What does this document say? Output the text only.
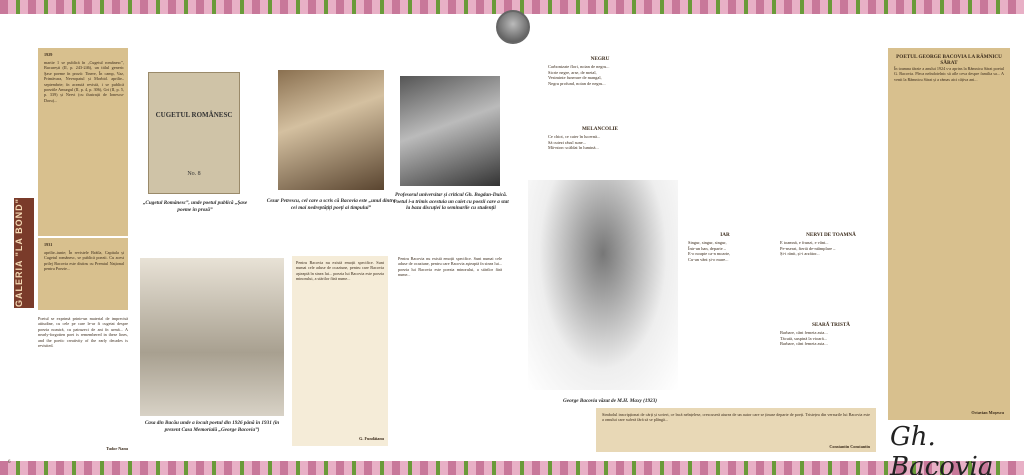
GALERIA "LA BOND"
1929
martie 1 se publică în „Cugetul românesc”, București (II, p. 243-246), un titlul generic Şase poeme în proză: Tinere, În camp, Vaz, Primăvara, Nevropatul și Morbid. aprilie–septembrie; în această revistă, i se publică poeziile Amurgul (II, p. 4, p. 306), Gri (II, p. 5, p. 339) și Nervi (cu ilustrații de Ionescu-Doru)...
1931
aprilie–iunie; În revistele Brăila, Capitala și Cugetul românesc, se publică poezii. Cu acest prilej Bacovia este distins cu Premiul Național pentru Poezie...
CUGETUL ROMÂNESC
No. 8
„Cugetul Românesc”, unde poetul publică „Şase poeme în proză”
Cezar Petrescu, cel care a scris că Bacovia este „unul dintre cei mai nedreptățiți poeți ai timpului”
Profesorul universitar și criticul Gh. Bogdan-Duică. Poetul i-a trimis acestuia un caiet cu poezii care a stat la baza discuției la seminarile cu studenții
Poetul se exprimă printr-un material de imprecisă atitudine, cu cele pe care le-ar fi cugetat despre poezia noastră, cu patruzeci de ani în urmă... A nearly-forgotten poet is remembered in these lines, and the poetic creativity of the early decades is revisited.
Tudor Nanu
Casa din Bacău unde a locuit poetul din 1926 până în 1931 (în prezent Casa Memorială „George Bacovia”)
Pentru Bacovia nu există emoții specifice. Sunt numai cele aduse de ocaziune, pentru care Bacovia aşteaptă în sinea lui... poezia lui Bacovia este poezia minorului, a stărilor fără nume...
G. Fundăianu
Pentru Bacovia nu există emoții specifice. Sunt numai cele aduse de ocaziune, pentru care Bacovia aşteaptă în sinea lui... poezia lui Bacovia este poezia minorului, a stărilor fără nume...
NEGRU
Carbonizate flori, noian de negru...
Sicrie negre, arse, de metal,
Vestminte funerare de mangal,
Negru profund, noian de negru...
MELANCOLIE
Ce chiot, ce caier în lucernă...
Să cutezi râsul sune...
Mă-ntorc scăldat în lumină...
George Bacovia văzut de M.H. Maxy (1923)
IAR
Singur, singur, singur,
Într-un han, departe –
E-o noapte ca-n moarte,
Cu-un vânt și-o mare...
NERVI DE TOAMNĂ
E toamnă, e frunzi, e vânt...
Pe-nserat, fiertă de-ntâmplare –
Și-i rănit, și-i arzător...
SEARĂ TRISTĂ
Barbare, cânt femeia asta...
Tăcută, suspină la vioară...
Barbare, cânt femeia asta...
Simbolul inscripționat de cărți și scrieri, ce încă neînțelese, crescuseră aiurea de un autor care se ținuse departe de poeți. Tristețea din versurile lui Bacovia este a omului care suferă fără să se plângă...
Constantin Constantin
POETUL GEORGE BACOVIA LA RÂMNICU SĂRAT
În toamna târzie a anului 1924 s-a aprins la Râmnicu Sărat poetul G. Bacovia. Pleca neîndoielnic să afle ceva despre familia sa... A venit la Râmnicu Sărat și a rămas aici câțiva ani...
Octavian Moșescu
Gh. Bacovia
6
